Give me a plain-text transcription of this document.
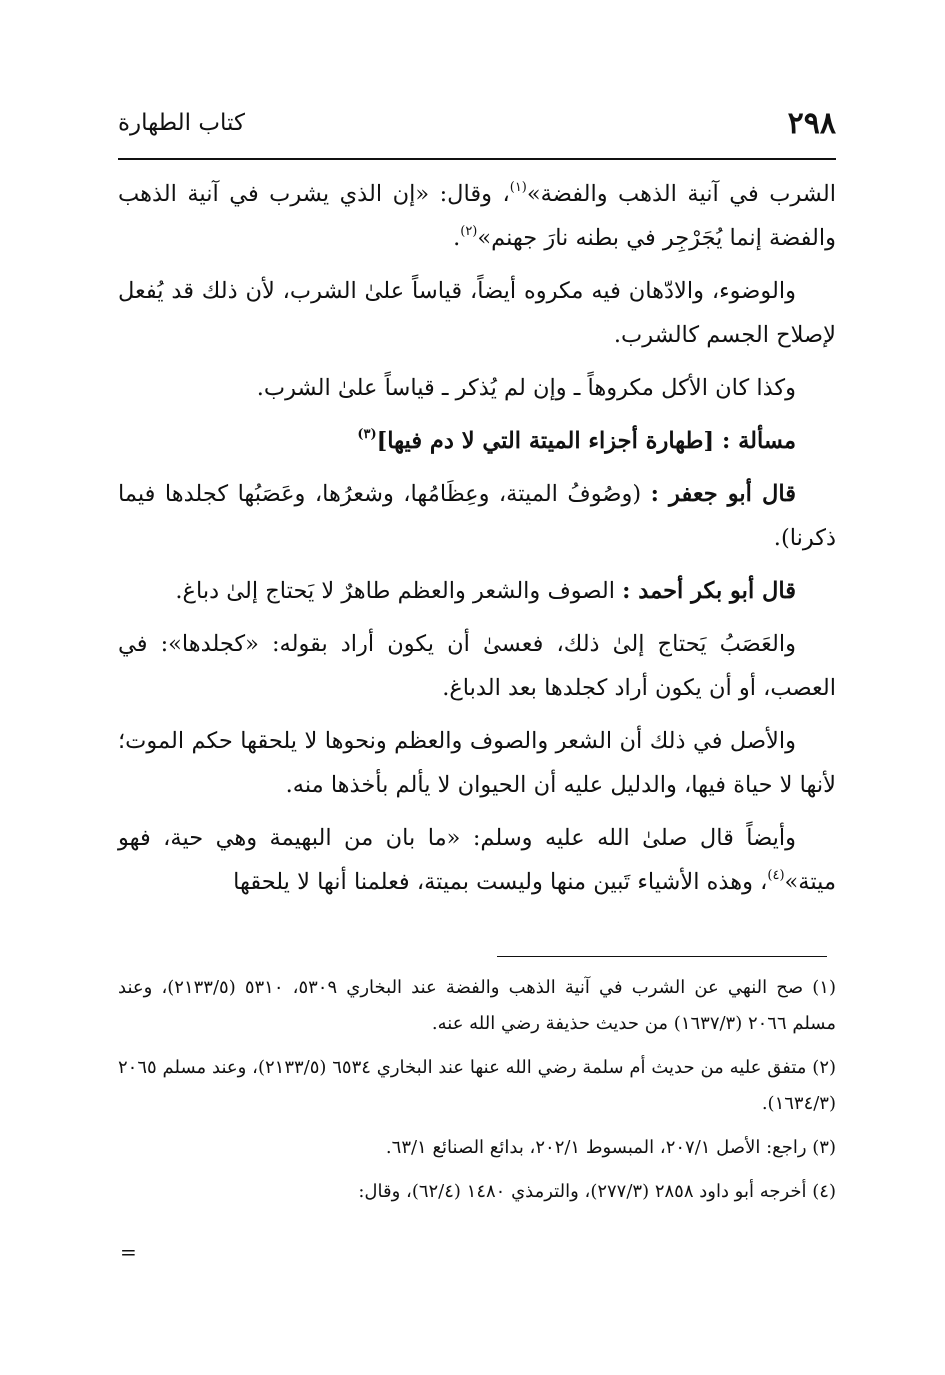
٢٩٨
كتاب الطهارة

الشرب في آنية الذهب والفضة»$^{(١)}$، وقال: «إن الذي يشرب في آنية الذهب والفضة إنما يُجَرْجِر في بطنه نارَ جهنم»$^{(٢)}$.

والوضوء، والادّهان فيه مكروه أيضاً، قياساً علىٰ الشرب، لأن ذلك قد يُفعل لإصلاح الجسم كالشرب.

وكذا كان الأكل مكروهاً ـ وإن لم يُذكر ـ قياساً علىٰ الشرب.

مسألة : [طهارة أجزاء الميتة التي لا دم فيها]$^{(٣)}$

قال أبو جعفر : (وصُوفُ الميتة، وعِظَامُها، وشعرُها، وعَصَبُها كجلدها فيما ذكرنا).

قال أبو بكر أحمد : الصوف والشعر والعظم طاهرٌ لا يَحتاج إلىٰ دباغ.

والعَصَبُ يَحتاج إلىٰ ذلك، فعسىٰ أن يكون أراد بقوله: «كجلدها»: في العصب، أو أن يكون أراد كجلدها بعد الدباغ.

والأصل في ذلك أن الشعر والصوف والعظم ونحوها لا يلحقها حكم الموت؛ لأنها لا حياة فيها، والدليل عليه أن الحيوان لا يألم بأخذها منه.

وأيضاً قال صلىٰ الله عليه وسلم: «ما بان من البهيمة وهي حية، فهو ميتة»$^{(٤)}$، وهذه الأشياء تَبين منها وليست بميتة، فعلمنا أنها لا يلحقها

(١) صح النهي عن الشرب في آنية الذهب والفضة عند البخاري ٥٣٠٩، ٥٣١٠ (٢١٣٣/٥)، وعند مسلم ٢٠٦٦ (١٦٣٧/٣) من حديث حذيفة رضي الله عنه.

(٢) متفق عليه من حديث أم سلمة رضي الله عنها عند البخاري ٦٥٣٤ (٢١٣٣/٥)، وعند مسلم ٢٠٦٥ (١٦٣٤/٣).

(٣) راجع: الأصل ٢٠٧/١، المبسوط ٢٠٢/١، بدائع الصنائع ٦٣/١.

(٤) أخرجه أبو داود ٢٨٥٨ (٢٧٧/٣)، والترمذي ١٤٨٠ (٦٢/٤)، وقال:

=
